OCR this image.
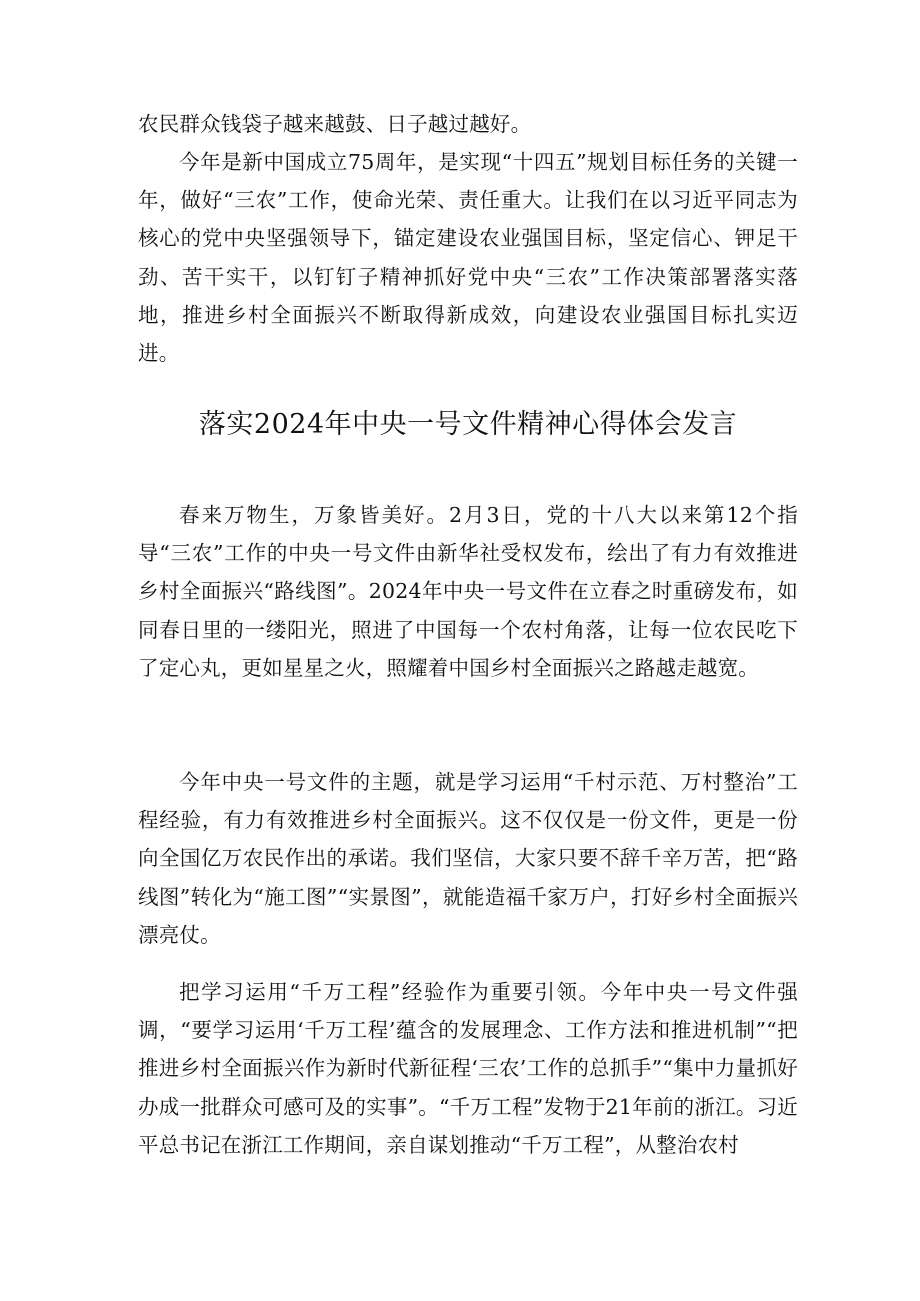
农民群众钱袋子越来越鼓、日子越过越好。

今年是新中国成立75周年，是实现“十四五”规划目标任务的关键一年，做好“三农”工作，使命光荣、责任重大。让我们在以习近平同志为核心的党中央坚强领导下，锚定建设农业强国目标，坚定信心、钾足干劲、苦干实干，以钉钉子精神抓好党中央“三农”工作决策部署落实落地，推进乡村全面振兴不断取得新成效，向建设农业强国目标扎实迈进。

落实2024年中央一号文件精神心得体会发言

春来万物生，万象皆美好。2月3日，党的十八大以来第12个指导“三农”工作的中央一号文件由新华社受权发布，绘出了有力有效推进乡村全面振兴“路线图”。2024年中央一号文件在立春之时重磅发布，如同春日里的一缕阳光，照进了中国每一个农村角落，让每一位农民吃下了定心丸，更如星星之火，照耀着中国乡村全面振兴之路越走越宽。

今年中央一号文件的主题，就是学习运用“千村示范、万村整治”工程经验，有力有效推进乡村全面振兴。这不仅仅是一份文件，更是一份向全国亿万农民作出的承诺。我们坚信，大家只要不辞千辛万苦，把“路线图”转化为“施工图”“实景图”，就能造福千家万户，打好乡村全面振兴漂亮仗。

把学习运用“千万工程”经验作为重要引领。今年中央一号文件强调，“要学习运用‘千万工程’蕴含的发展理念、工作方法和推进机制”“把推进乡村全面振兴作为新时代新征程‘三农’工作的总抓手”“集中力量抓好办成一批群众可感可及的实事”。“千万工程”发物于21年前的浙江。习近平总书记在浙江工作期间，亲自谋划推动“千万工程”，从整治农村
